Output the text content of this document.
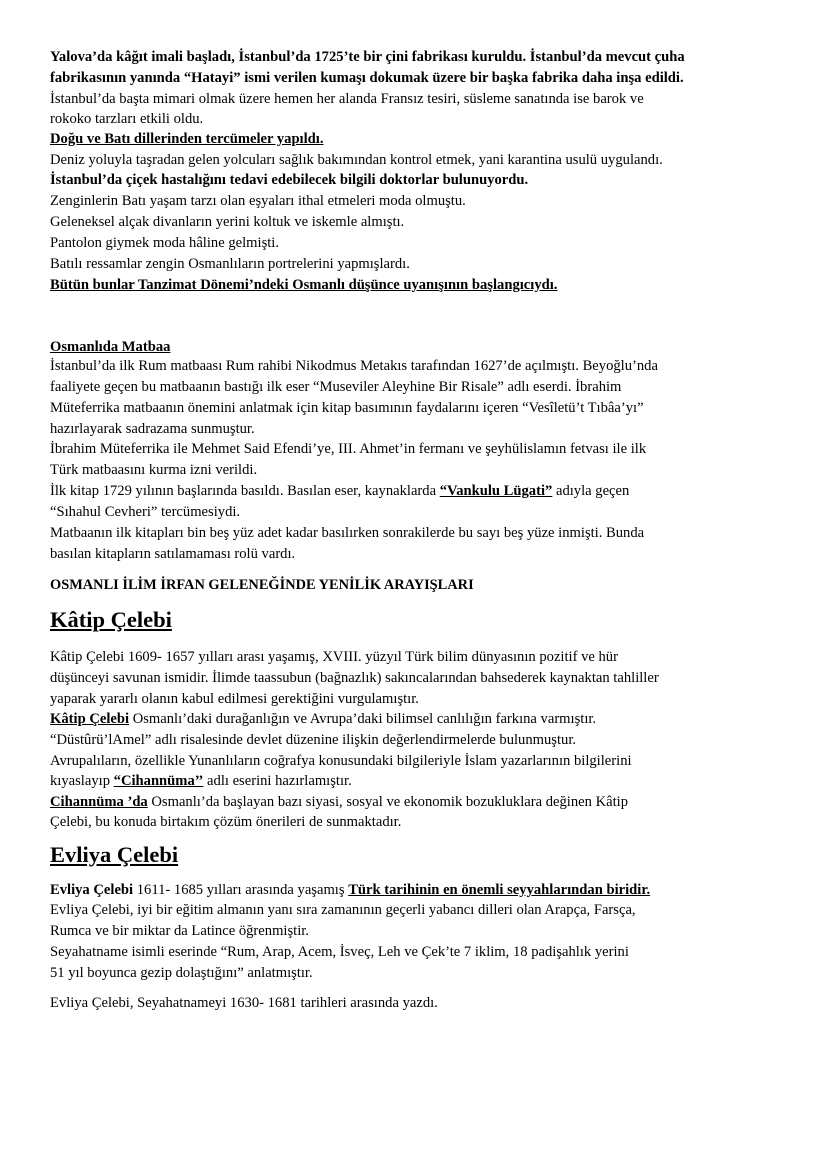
Yalova’da kâğıt imali başladı, İstanbul’da 1725’te bir çini fabrikası kuruldu. İstanbul’da mevcut çuha
fabrikasının yanında “Hatayi” ismi verilen kumaşı dokumak üzere bir başka fabrika daha inşa edildi.
İstanbul’da başta mimari olmak üzere hemen her alanda Fransız tesiri, süsleme sanatında ise barok ve
rokoko tarzları etkili oldu.
Doğu ve Batı dillerinden tercümeler yapıldı.
Deniz yoluyla taşradan gelen yolcuları sağlık bakımından kontrol etmek, yani karantina usulü uygulandı.
İstanbul’da çiçek hastalığını tedavi edebilecek bilgili doktorlar bulunuyordu.
Zenginlerin Batı yaşam tarzı olan eşyaları ithal etmeleri moda olmuştu.
Geleneksel alçak divanların yerini koltuk ve iskemle almıştı.
Pantolon giymek moda hâline gelmişti.
Batılı ressamlar zengin Osmanlıların portrelerini yapmışlardı.
Bütün bunlar Tanzimat Dönemi’ndeki Osmanlı düşünce uyanışının başlangıcıydı.
Osmanlıda Matbaa
İstanbul’da ilk Rum matbaası Rum rahibi Nikodmus Metakıs tarafından 1627’de açılmıştı. Beyoğlu’nda
faaliyete geçen bu matbaanın bastığı ilk eser “Museviler Aleyhine Bir Risale” adlı eserdi. İbrahim
Müteferrika matbaanın önemini anlatmak için kitap basımının faydalarını içeren “Vesîletü’t Tıbâa’yı”
hazırlayarak sadrazama sunmuştur.
İbrahim Müteferrika ile Mehmet Said Efendi’ye, III. Ahmet’in fermanı ve şeyhülislamın fetvası ile ilk
Türk matbaasını kurma izni verildi.
İlk kitap 1729 yılının başlarında basıldı. Basılan eser, kaynaklarda “Vankulu Lügati” adıyla geçen
“Sıhahul Cevheri” tercümesiydi.
Matbaanın ilk kitapları bin beş yüz adet kadar basılırken sonrakilerde bu sayı beş yüze inmişti. Bunda
basılan kitapların satılamaması rolü vardı.
OSMANLI İLİM İRFAN GELENEĞİNDE YENİLİK ARAYIŞLARI
Kâtip Çelebi
Kâtip Çelebi 1609- 1657 yılları arası yaşamış, XVIII. yüzyıl Türk bilim dünyasının pozitif ve hür
düşünceyi savunan ismidir. İlimde taassubun (bağnazlık) sakıncalarından bahsederek kaynaktan tahliller
yaparak yararlı olanın kabul edilmesi gerektiğini vurgulamıştır.
Kâtip Çelebi Osmanlı’daki durağanlığın ve Avrupa’daki bilimsel canlılığın farkına varmıştır.
“Düstûrü’lAmel” adlı risalesinde devlet düzenine ilişkin değerlendirmelerde bulunmuştur.
Avrupalıların, özellikle Yunanlıların coğrafya konusundaki bilgileriyle İslam yazarlarının bilgilerini
kıyaslayıp “Cihannüma’’ adlı eserini hazırlamıştır.
Cihannüma ’da Osmanlı’da başlayan bazı siyasi, sosyal ve ekonomik bozukluklara değinen Kâtip
Çelebi, bu konuda birtakım çözüm önerileri de sunmaktadır.
Evliya Çelebi
Evliya Çelebi 1611- 1685 yılları arasında yaşamış Türk tarihinin en önemli seyyahlarından biridir.
Evliya Çelebi, iyi bir eğitim almanın yanı sıra zamanının geçerli yabancı dilleri olan Arapça, Farsça,
Rumca ve bir miktar da Latince öğrenmiştir.
Seyahatname isimli eserinde “Rum, Arap, Acem, İsveç, Leh ve Çek’te 7 iklim, 18 padişahlık yerini
51 yıl boyunca gezip dolaştığını” anlatmıştır.
Evliya Çelebi, Seyahatnameyi 1630- 1681 tarihleri arasında yazdı.
